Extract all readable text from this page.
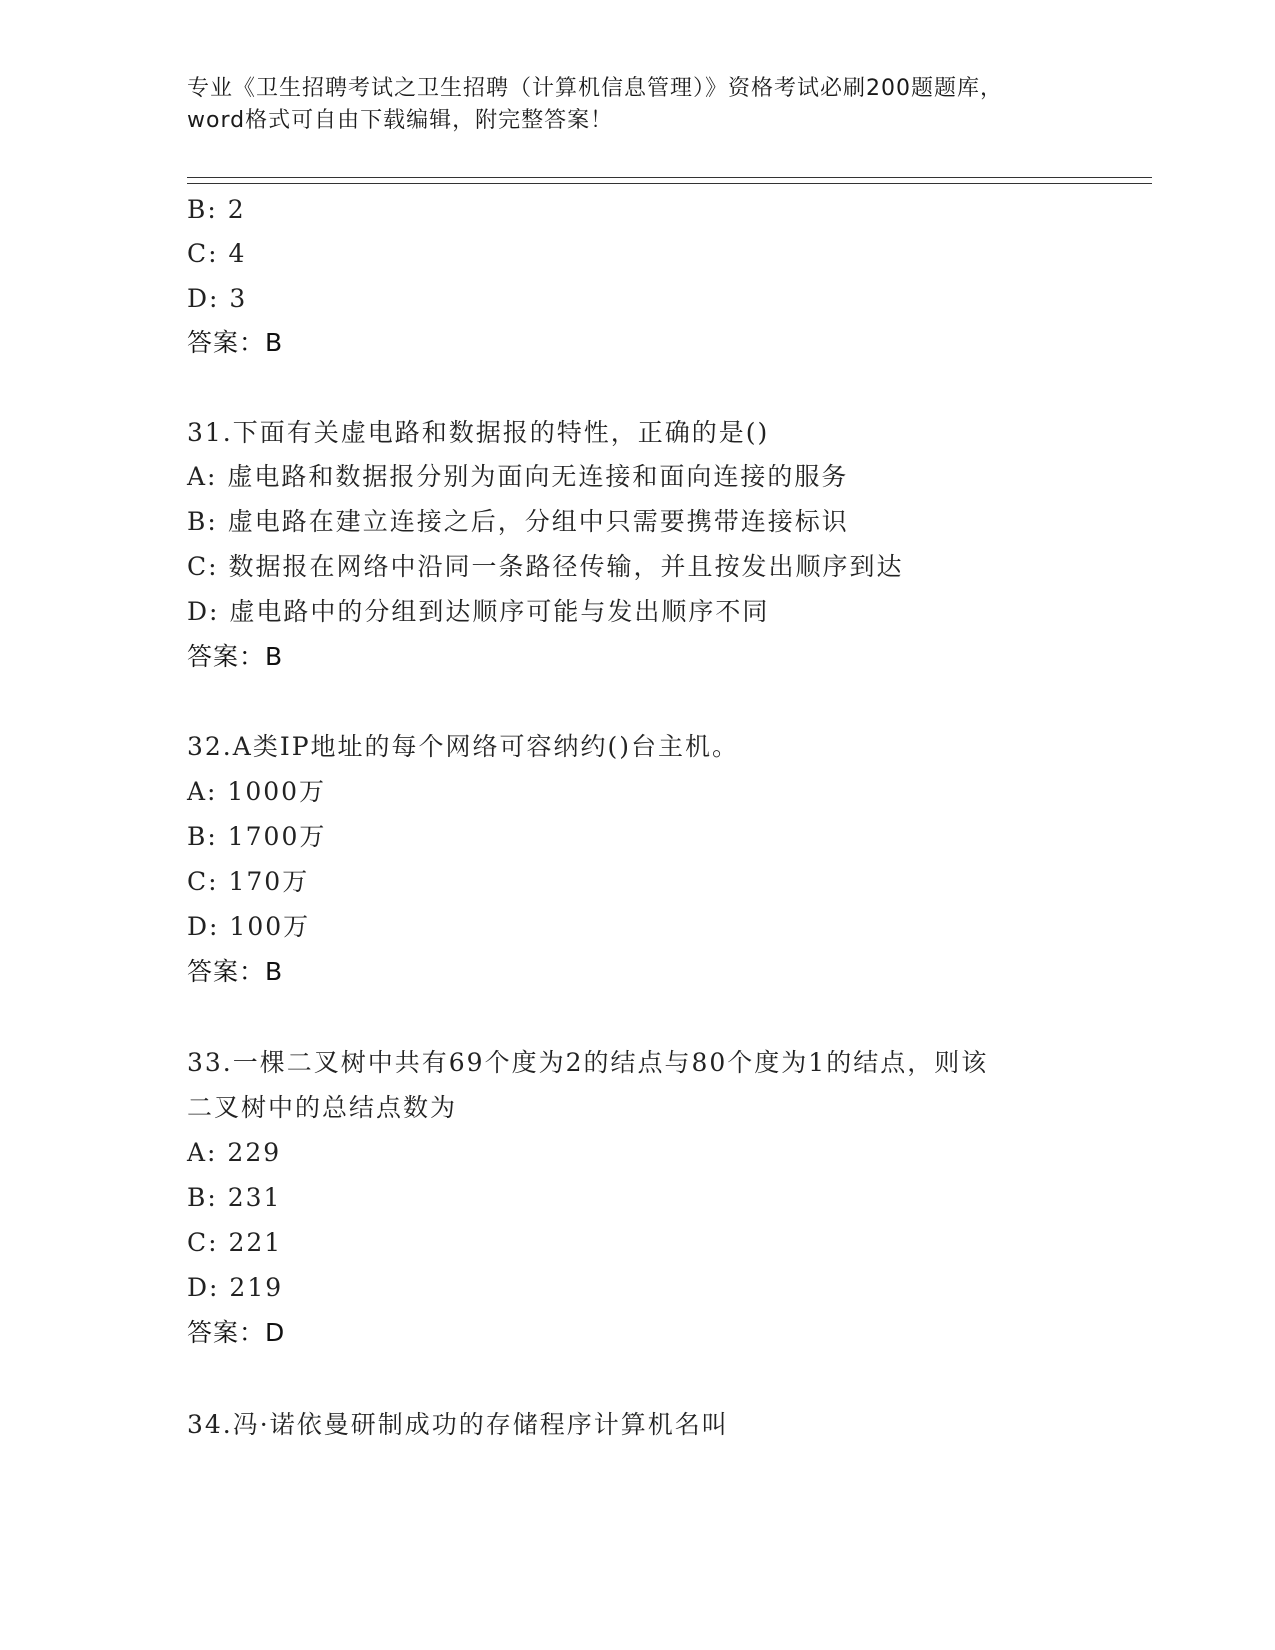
专业《卫生招聘考试之卫生招聘（计算机信息管理）》资格考试必刷200题题库，
word格式可自由下载编辑，附完整答案！
B: 2
C: 4
D: 3
答案：B
31.下面有关虚电路和数据报的特性，正确的是()
A: 虚电路和数据报分别为面向无连接和面向连接的服务
B: 虚电路在建立连接之后，分组中只需要携带连接标识
C: 数据报在网络中沿同一条路径传输，并且按发出顺序到达
D: 虚电路中的分组到达顺序可能与发出顺序不同
答案：B
32.A类IP地址的每个网络可容纳约()台主机。
A: 1000万
B: 1700万
C: 170万
D: 100万
答案：B
33.一棵二叉树中共有69个度为2的结点与80个度为1的结点，则该
二叉树中的总结点数为
A: 229
B: 231
C: 221
D: 219
答案：D
34.冯·诺依曼研制成功的存储程序计算机名叫
